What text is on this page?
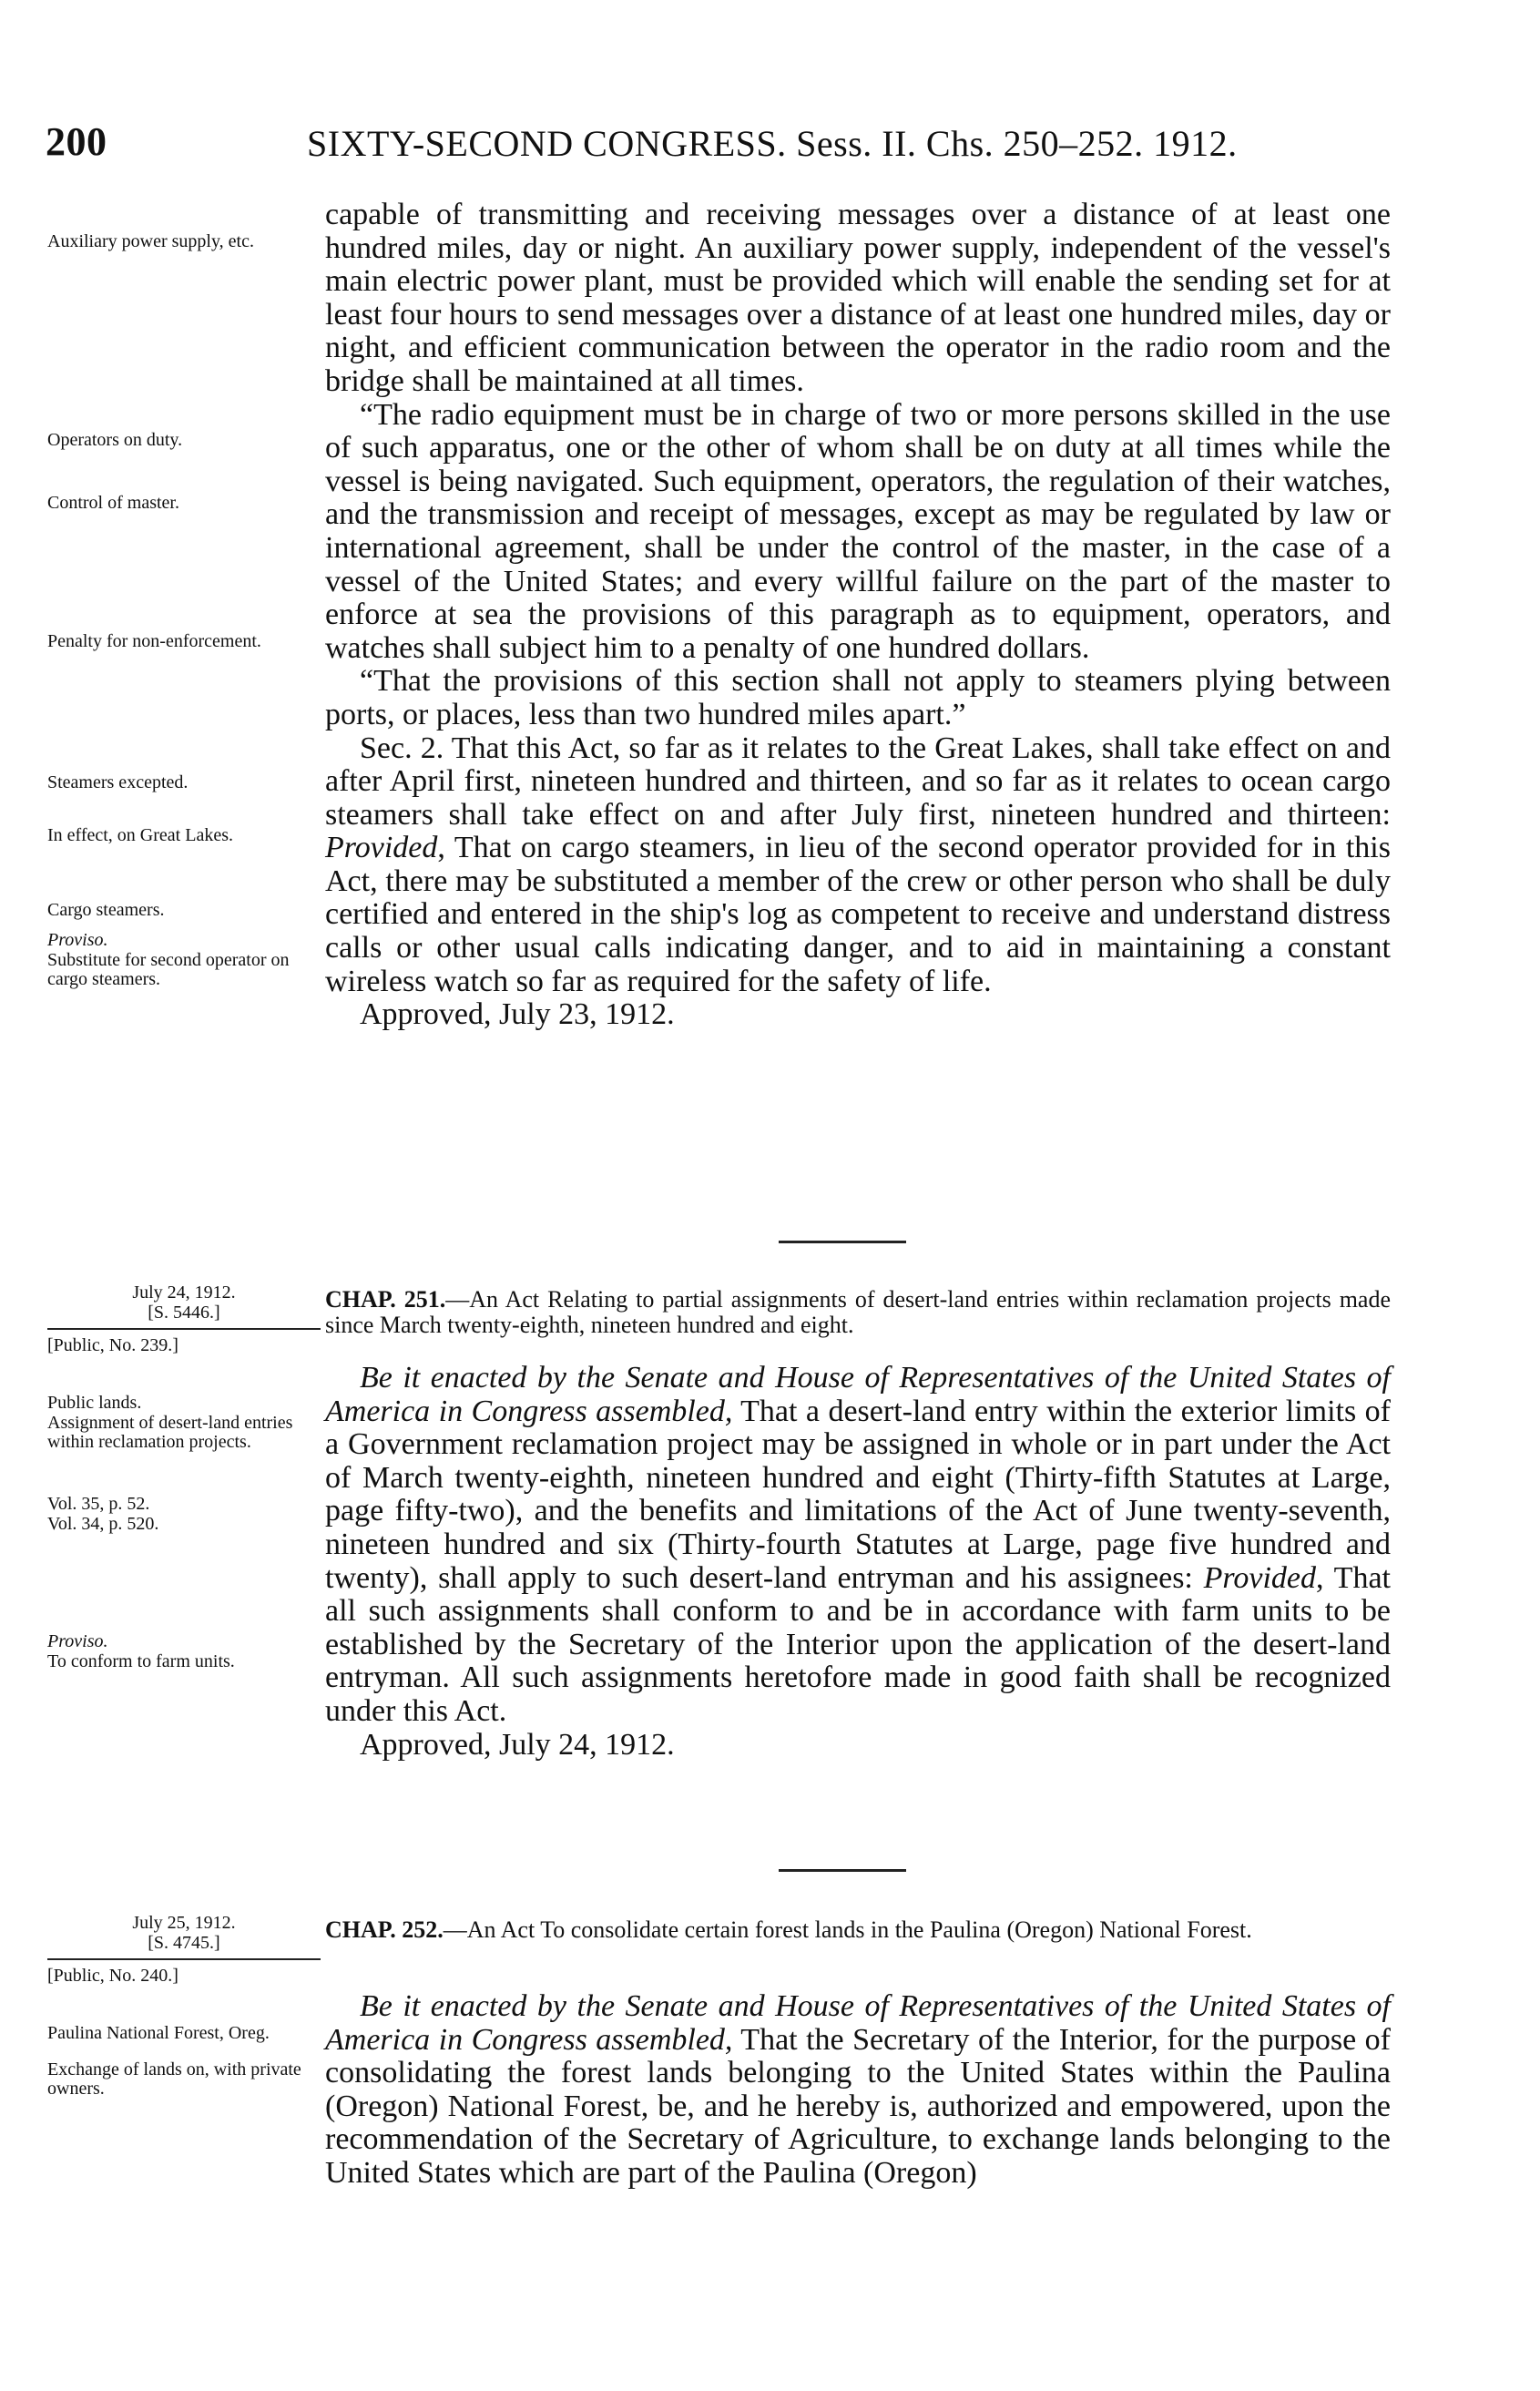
200	SIXTY-SECOND CONGRESS. Sess. II. Chs. 250–252. 1912.
Auxiliary power supply, etc.
Operators on duty.
Control of master.
Penalty for non-enforcement.
Steamers excepted.
In effect, on Great Lakes.
Cargo steamers.
Proviso.
Substitute for second operator on cargo steamers.

capable of transmitting and receiving messages over a distance of at least one hundred miles, day or night. An auxiliary power supply, independent of the vessel's main electric power plant, must be provided which will enable the sending set for at least four hours to send messages over a distance of at least one hundred miles, day or night, and efficient communication between the operator in the radio room and the bridge shall be maintained at all times.

“The radio equipment must be in charge of two or more persons skilled in the use of such apparatus, one or the other of whom shall be on duty at all times while the vessel is being navigated. Such equipment, operators, the regulation of their watches, and the transmission and receipt of messages, except as may be regulated by law or international agreement, shall be under the control of the master, in the case of a vessel of the United States; and every willful failure on the part of the master to enforce at sea the provisions of this paragraph as to equipment, operators, and watches shall subject him to a penalty of one hundred dollars.

“That the provisions of this section shall not apply to steamers plying between ports, or places, less than two hundred miles apart.”

Sec. 2. That this Act, so far as it relates to the Great Lakes, shall take effect on and after April first, nineteen hundred and thirteen, and so far as it relates to ocean cargo steamers shall take effect on and after July first, nineteen hundred and thirteen: Provided, That on cargo steamers, in lieu of the second operator provided for in this Act, there may be substituted a member of the crew or other person who shall be duly certified and entered in the ship's log as competent to receive and understand distress calls or other usual calls indicating danger, and to aid in maintaining a constant wireless watch so far as required for the safety of life.

Approved, July 23, 1912.

July 24, 1912.
[S. 5446.]
[Public, No. 239.]
CHAP. 251.—An Act Relating to partial assignments of desert-land entries within reclamation projects made since March twenty-eighth, nineteen hundred and eight.
Public lands.
Assignment of desert-land entries within reclamation projects.
Vol. 35, p. 52.
Vol. 34, p. 520.
Proviso.
To conform to farm units.

Be it enacted by the Senate and House of Representatives of the United States of America in Congress assembled, That a desert-land entry within the exterior limits of a Government reclamation project may be assigned in whole or in part under the Act of March twenty-eighth, nineteen hundred and eight (Thirty-fifth Statutes at Large, page fifty-two), and the benefits and limitations of the Act of June twenty-seventh, nineteen hundred and six (Thirty-fourth Statutes at Large, page five hundred and twenty), shall apply to such desert-land entryman and his assignees: Provided, That all such assignments shall conform to and be in accordance with farm units to be established by the Secretary of the Interior upon the application of the desert-land entryman. All such assignments heretofore made in good faith shall be recognized under this Act.

Approved, July 24, 1912.

July 25, 1912.
[S. 4745.]
[Public, No. 240.]
CHAP. 252.—An Act To consolidate certain forest lands in the Paulina (Oregon) National Forest.
Paulina National Forest, Oreg.
Exchange of lands on, with private owners.

Be it enacted by the Senate and House of Representatives of the United States of America in Congress assembled, That the Secretary of the Interior, for the purpose of consolidating the forest lands belonging to the United States within the Paulina (Oregon) National Forest, be, and he hereby is, authorized and empowered, upon the recommendation of the Secretary of Agriculture, to exchange lands belonging to the United States which are part of the Paulina (Oregon)
